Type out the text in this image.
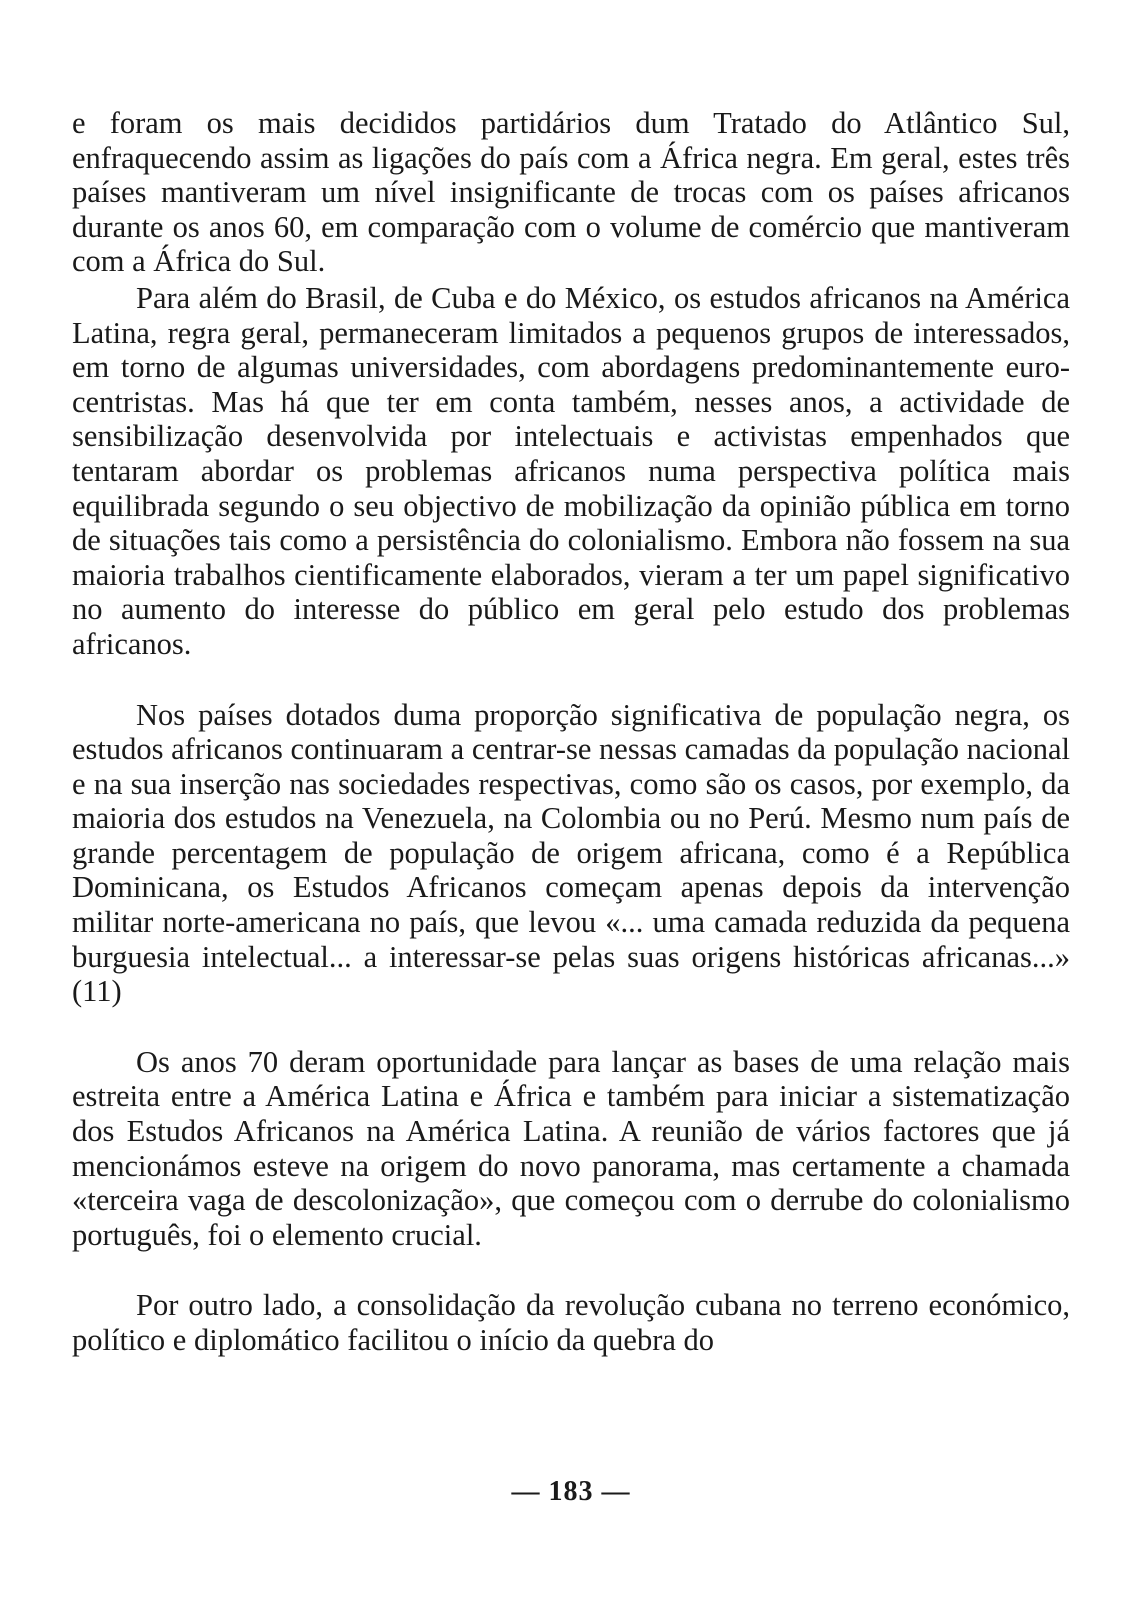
e foram os mais decididos partidários dum Tratado do Atlântico Sul, enfraquecendo assim as ligações do país com a África negra. Em geral, estes três países mantiveram um nível insignificante de trocas com os países africanos durante os anos 60, em comparação com o volume de comércio que mantiveram com a África do Sul.

Para além do Brasil, de Cuba e do México, os estudos africanos na América Latina, regra geral, permaneceram limitados a pequenos grupos de interessados, em torno de algumas universidades, com abordagens predominantemente euro-centristas. Mas há que ter em conta também, nesses anos, a actividade de sensibilização desenvolvida por intelectuais e activistas empenhados que tentaram abordar os problemas africanos numa perspectiva política mais equilibrada segundo o seu objectivo de mobilização da opinião pública em torno de situações tais como a persistência do colonialismo. Embora não fossem na sua maioria trabalhos cientificamente elaborados, vieram a ter um papel significativo no aumento do interesse do público em geral pelo estudo dos problemas africanos.

Nos países dotados duma proporção significativa de população negra, os estudos africanos continuaram a centrar-se nessas camadas da população nacional e na sua inserção nas sociedades respectivas, como são os casos, por exemplo, da maioria dos estudos na Venezuela, na Colombia ou no Perú. Mesmo num país de grande percentagem de população de origem africana, como é a República Dominicana, os Estudos Africanos começam apenas depois da intervenção militar norte-americana no país, que levou «... uma camada reduzida da pequena burguesia intelectual... a interessar-se pelas suas origens históricas africanas...» (11)

Os anos 70 deram oportunidade para lançar as bases de uma relação mais estreita entre a América Latina e África e também para iniciar a sistematização dos Estudos Africanos na América Latina. A reunião de vários factores que já mencionámos esteve na origem do novo panorama, mas certamente a chamada «terceira vaga de descolonização», que começou com o derrube do colonialismo português, foi o elemento crucial.

Por outro lado, a consolidação da revolução cubana no terreno económico, político e diplomático facilitou o início da quebra do

— 183 —
